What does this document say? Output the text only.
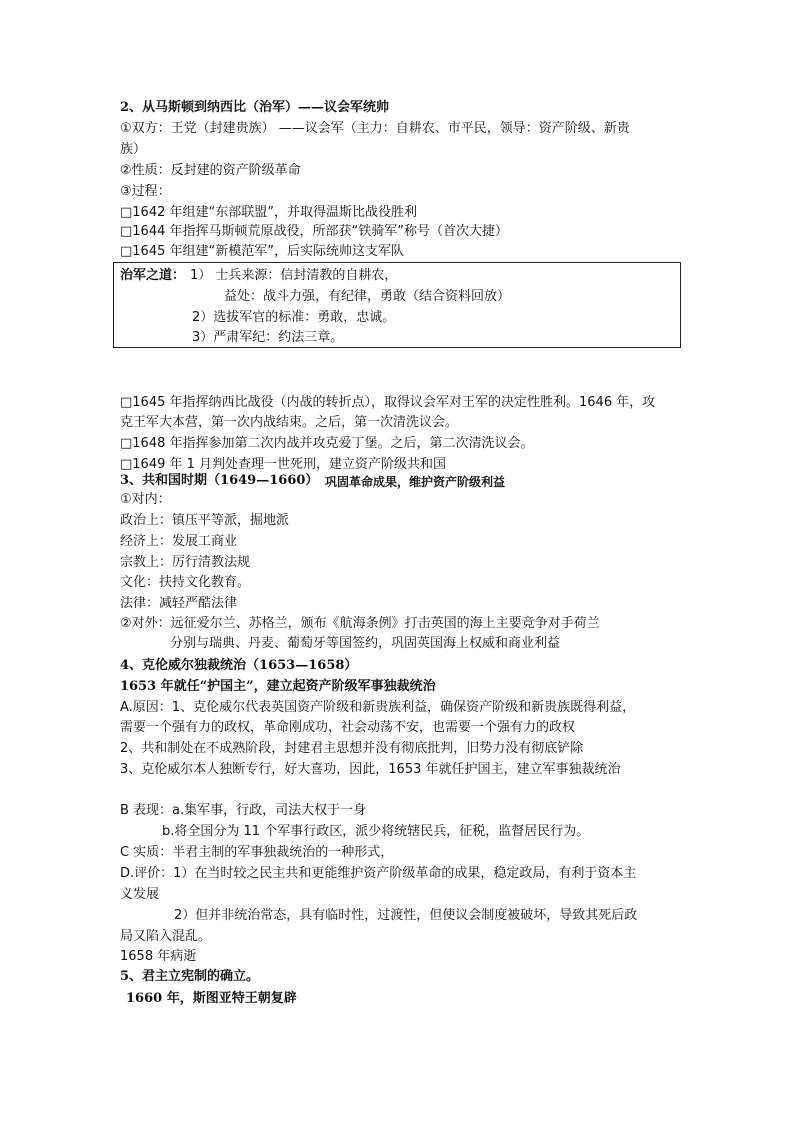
2、从马斯顿到纳西比（治军）——议会军统帅
①双方：王党（封建贵族） ——议会军（主力：自耕农、市平民，领导：资产阶级、新贵
族）
②性质：反封建的资产阶级革命
③过程：
□1642 年组建“东部联盟”，并取得温斯比战役胜利
□1644 年指挥马斯顿荒原战役，所部获“铁骑军”称号（首次大捷）
□1645 年组建“新模范军”，后实际统帅这支军队
治军之道： 1） 士兵来源：信封清教的自耕农，
益处：战斗力强，有纪律，勇敢（结合资料回放）
2）选拔军官的标准：勇敢，忠诚。
3）严肃军纪：约法三章。
□1645 年指挥纳西比战役（内战的转折点），取得议会军对王军的决定性胜利。1646 年，攻
克王军大本营，第一次内战结束。之后，第一次清洗议会。
□1648 年指挥参加第二次内战并攻克爱丁堡。之后，第二次清洗议会。
□1649 年 1 月判处查理一世死刑，建立资产阶级共和国
3、共和国时期（1649—1660） 巩固革命成果，维护资产阶级利益
①对内：
政治上：镇压平等派，掘地派
经济上：发展工商业
宗教上：厉行清教法规
文化：扶持文化教育。
法律：减轻严酷法律
②对外：远征爱尔兰、苏格兰，颁布《航海条例》打击英国的海上主要竞争对手荷兰
分别与瑞典、丹麦、葡萄牙等国签约，巩固英国海上权威和商业利益
4、克伦威尔独裁统治（1653—1658）
1653 年就任“护国主”，建立起资产阶级军事独裁统治
A.原因：1、克伦威尔代表英国资产阶级和新贵族利益，确保资产阶级和新贵族既得利益，
需要一个强有力的政权，革命刚成功，社会动荡不安，也需要一个强有力的政权
2、共和制处在不成熟阶段，封建君主思想并没有彻底批判，旧势力没有彻底铲除
3、克伦威尔本人独断专行，好大喜功，因此，1653 年就任护国主，建立军事独裁统治
B 表现：a.集军事，行政，司法大权于一身
b.将全国分为 11 个军事行政区，派少将统辖民兵，征税，监督居民行为。
C 实质：半君主制的军事独裁统治的一种形式，
D.评价：1）在当时较之民主共和更能维护资产阶级革命的成果，稳定政局，有利于资本主
义发展
2）但并非统治常态，具有临时性，过渡性，但使议会制度被破坏，导致其死后政
局又陷入混乱。
1658 年病逝
5、君主立宪制的确立。
1660 年，斯图亚特王朝复辟
